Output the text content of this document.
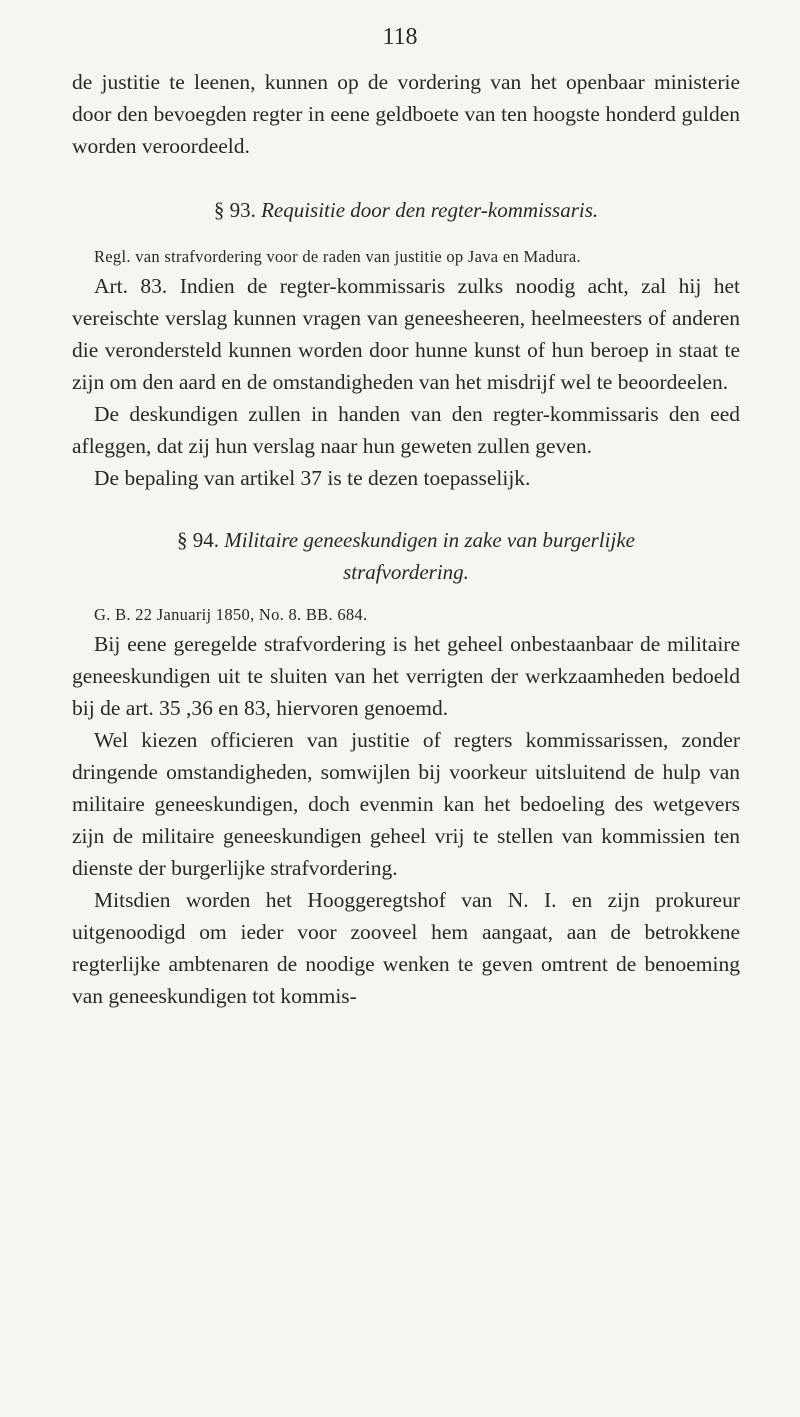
118

de justitie te leenen, kunnen op de vordering van het openbaar ministerie door den bevoegden regter in eene geldboete van ten hoogste honderd gulden worden veroordeeld.

§ 93. Requisitie door den regter-kommissaris.

Regl. van strafvordering voor de raden van justitie op Java en Madura.

Art. 83. Indien de regter-kommissaris zulks noodig acht, zal hij het vereischte verslag kunnen vragen van geneesheeren, heelmeesters of anderen die verondersteld kunnen worden door hunne kunst of hun beroep in staat te zijn om den aard en de omstandigheden van het misdrijf wel te beoordeelen.

De deskundigen zullen in handen van den regter-kommissaris den eed afleggen, dat zij hun verslag naar hun geweten zullen geven.

De bepaling van artikel 37 is te dezen toepasselijk.

§ 94. Militaire geneeskundigen in zake van burgerlijke
strafvordering.

G. B. 22 Januarij 1850, No. 8. BB. 684.

Bij eene geregelde strafvordering is het geheel onbestaanbaar de militaire geneeskundigen uit te sluiten van het verrigten der werkzaamheden bedoeld bij de art. 35 ,36 en 83, hiervoren genoemd.

Wel kiezen officieren van justitie of regters kommissarissen, zonder dringende omstandigheden, somwijlen bij voorkeur uitsluitend de hulp van militaire geneeskundigen, doch evenmin kan het bedoeling des wetgevers zijn de militaire geneeskundigen geheel vrij te stellen van kommissien ten dienste der burgerlijke strafvordering.

Mitsdien worden het Hooggeregtshof van N. I. en zijn prokureur uitgenoodigd om ieder voor zooveel hem aangaat, aan de betrokkene regterlijke ambtenaren de noodige wenken te geven omtrent de benoeming van geneeskundigen tot kommis-
